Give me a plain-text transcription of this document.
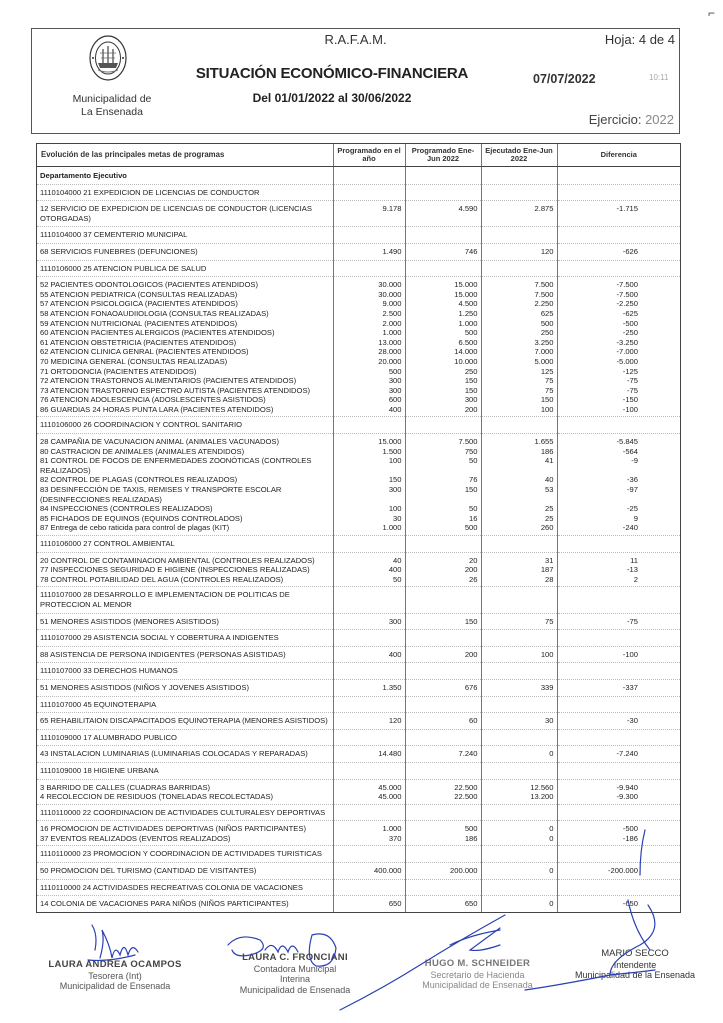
⌐
Municipalidad de
La Ensenada
R.A.F.A.M.	Hoja: 4 de 4
SITUACIÓN ECONÓMICO-FINANCIERA	07/07/2022	10:11
Del 01/01/2022 al 30/06/2022
Ejercicio: 2022
Evolución de las principales metas de programas	Programado en el año	Programado Ene-Jun 2022	Ejecutado Ene-Jun 2022	Diferencia
Departamento Ejecutivo				
1110104000 21 EXPEDICION DE LICENCIAS DE CONDUCTOR				
12 SERVICIO DE EXPEDICION DE LICENCIAS DE CONDUCTOR (LICENCIAS OTORGADAS)	9.178	4.590	2.875	-1.715
1110104000 37 CEMENTERIO MUNICIPAL				
68 SERVICIOS FUNEBRES (DEFUNCIONES)	1.490	746	120	-626
1110106000 25 ATENCION PUBLICA DE SALUD				
52 PACIENTES ODONTOLOGICOS (PACIENTES ATENDIDOS)	30.000	15.000	7.500	-7.500
55 ATENCION PEDIATRICA (CONSULTAS REALIZADAS)	30.000	15.000	7.500	-7.500
57 ATENCION PSICOLOGICA (PACIENTES ATENDIDOS)	9.000	4.500	2.250	-2.250
58 ATENCION FONAOAUDIIOLOGIA (CONSULTAS REALIZADAS)	2.500	1.250	625	-625
59 ATENCION NUTRICIONAL (PACIENTES ATENDIDOS)	2.000	1.000	500	-500
60 ATENCION PACIENTES ALERGICOS (PACIENTES ATENDIDOS)	1.000	500	250	-250
61 ATENCION OBSTETRICIA (PACIENTES ATENDIDOS)	13.000	6.500	3.250	-3.250
62 ATENCION CLINICA GENRAL (PACIENTES ATENDIDOS)	28.000	14.000	7.000	-7.000
70 MEDICINA GENERAL (CONSULTAS REALIZADAS)	20.000	10.000	5.000	-5.000
71 ORTODONCIA (PACIENTES ATENDIDOS)	500	250	125	-125
72 ATENCION TRASTORNOS ALIMENTARIOS (PACIENTES ATENDIDOS)	300	150	75	-75
73 ATENCION TRASTORNO ESPECTRO AUTISTA (PACIENTES ATENDIDOS)	300	150	75	-75
76 ATENCION ADOLESCENCIA (ADOSLESCENTES ASISTIDOS)	600	300	150	-150
86 GUARDIAS 24 HORAS PUNTA LARA (PACIENTES ATENDIDOS)	400	200	100	-100
1110106000 26 COORDINACION Y CONTROL SANITARIO				
28 CAMPAÑIA DE VACUNACION ANIMAL (ANIMALES VACUNADOS)	15.000	7.500	1.655	-5.845
80 CASTRACION DE ANIMALES (ANIMALES ATENDIDOS)	1.500	750	186	-564
81 CONTROL DE FOCOS DE ENFERMEDADES ZOONÓTICAS (CONTROLES REALIZADOS)	100	50	41	-9
82 CONTROL DE PLAGAS (CONTROLES REALIZADOS)	150	76	40	-36
83 DESINFECCIÓN DE TAXIS, REMISES Y TRANSPORTE ESCOLAR (DESINFECCIONES REALIZADAS)	300	150	53	-97
84 INSPECCIONES (CONTROLES REALIZADOS)	100	50	25	-25
85 FICHADOS DE EQUINOS (EQUINOS CONTROLADOS)	30	16	25	9
87 Entrega de cebo raticida para control de plagas (KIT)	1.000	500	260	-240
1110106000 27 CONTROL AMBIENTAL				
20 CONTROL DE CONTAMINACION AMBIENTAL (CONTROLES REALIZADOS)	40	20	31	11
77 INSPECCIONES SEGURIDAD E HIGIENE (INSPECCIONES REALIZADAS)	400	200	187	-13
78 CONTROL POTABILIDAD DEL AGUA (CONTROLES REALIZADOS)	50	26	28	2
1110107000 28 DESARROLLO E IMPLEMENTACION DE POLITICAS DE PROTECCION AL MENOR				
51 MENORES ASISTIDOS (MENORES ASISTIDOS)	300	150	75	-75
1110107000 29 ASISTENCIA SOCIAL Y COBERTURA A INDIGENTES				
88 ASISTENCIA DE PERSONA INDIGENTES (PERSONAS ASISTIDAS)	400	200	100	-100
1110107000 33 DERECHOS HUMANOS				
51 MENORES ASISTIDOS (NIÑOS Y JOVENES ASISTIDOS)	1.350	676	339	-337
1110107000 45 EQUINOTERAPIA				
65 REHABILITAION DISCAPACITADOS EQUINOTERAPIA (MENORES ASISTIDOS)	120	60	30	-30
1110109000 17 ALUMBRADO PUBLICO				
43 INSTALACION LUMINARIAS (LUMINARIAS COLOCADAS Y REPARADAS)	14.480	7.240	0	-7.240
1110109000 18 HIGIENE URBANA				
3 BARRIDO DE CALLES (CUADRAS BARRIDAS)	45.000	22.500	12.560	-9.940
4 RECOLECCION DE RESIDUOS (TONELADAS RECOLECTADAS)	45.000	22.500	13.200	-9.300
1110110000 22 COORDINACION DE ACTIVIDADES CULTURALESY DEPORTIVAS				
16 PROMOCION DE ACTIVIDADES DEPORTIVAS (NIÑOS PARTICIPANTES)	1.000	500	0	-500
37 EVENTOS REALIZADOS (EVENTOS REALIZADOS)	370	186	0	-186
1110110000 23 PROMOCION Y COORDINACION DE ACTIVIDADES TURISTICAS				
50 PROMOCION DEL TURISMO (CANTIDAD DE VISITANTES)	400.000	200.000	0	-200.000
1110110000 24 ACTIVIDASDES RECREATIVAS COLONIA DE VACACIONES				
14 COLONIA DE VACACIONES PARA NIÑOS (NIÑOS PARTICIPANTES)	650	650	0	-650
LAURA ANDREA OCAMPOS
Tesorera (Int)
Municipalidad de Ensenada
LAURA C. FRONCIANI
Contadora Municipal
Interina
Municipalidad de Ensenada
HUGO M. SCHNEIDER
Secretario de Hacienda
Municipalidad de Ensenada
MARIO SECCO
Intendente
Municipalidad de la Ensenada
